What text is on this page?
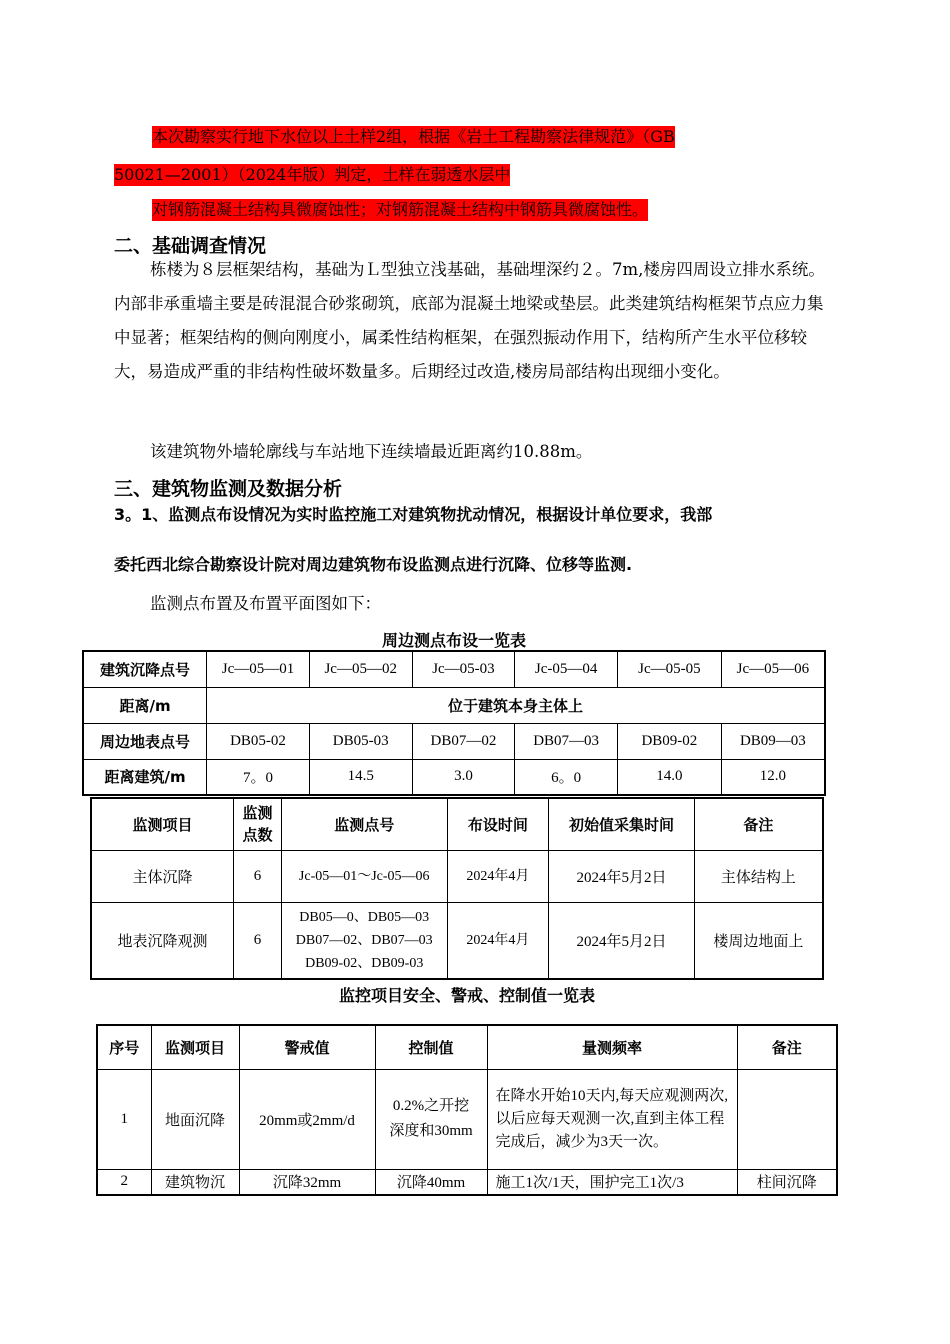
本次勘察实行地下水位以上土样2组，根据《岩土工程勘察法律规范》（GB
50021—2001）（2024年版）判定，土样在弱透水层中
对钢筋混凝土结构具微腐蚀性；对钢筋混凝土结构中钢筋具微腐蚀性。
二、基础调查情况
栋楼为８层框架结构，基础为Ｌ型独立浅基础，基础埋深约２。7m,楼房四周设立排水系统。内部非承重墙主要是砖混混合砂浆砌筑，底部为混凝土地梁或垫层。此类建筑结构框架节点应力集中显著；框架结构的侧向刚度小，属柔性结构框架，在强烈振动作用下，结构所产生水平位移较大，易造成严重的非结构性破坏数量多。后期经过改造,楼房局部结构出现细小变化。
该建筑物外墙轮廓线与车站地下连续墙最近距离约10.88m。
三、建筑物监测及数据分析
3。1、监测点布设情况为实时监控施工对建筑物扰动情况，根据设计单位要求，我部
委托西北综合勘察设计院对周边建筑物布设监测点进行沉降、位移等监测.
监测点布置及布置平面图如下：
周边测点布设一览表
建筑沉降点号	Jc—05—01	Jc—05—02	Jc—05-03	Jc-05—04	Jc—05-05	Jc—05—06
距离/m	位于建筑本身主体上					
周边地表点号	DB05-02	DB05-03	DB07—02	DB07—03	DB09-02	DB09—03
距离建筑/m	7。0	14.5	3.0	6。0	14.0	12.0
监测项目	监测点数	监测点号	布设时间	初始值采集时间	备注
主体沉降	6	Jc-05—01～Jc-05—06	2024年4月	2024年5月2日	主体结构上
地表沉降观测	6	DB05—0、DB05—03 DB07—02、DB07—03 DB09-02、DB09-03	2024年4月	2024年5月2日	楼周边地面上
监控项目安全、警戒、控制值一览表
序号	监测项目	警戒值	控制值	量测频率	备注
1	地面沉降	20mm或2mm/d	0.2%之开挖深度和30mm	在降水开始10天内,每天应观测两次,以后应每天观测一次,直到主体工程完成后，减少为3天一次。	
2	建筑物沉	沉降32mm	沉降40mm	施工1次/1天，围护完工1次/3	柱间沉降
